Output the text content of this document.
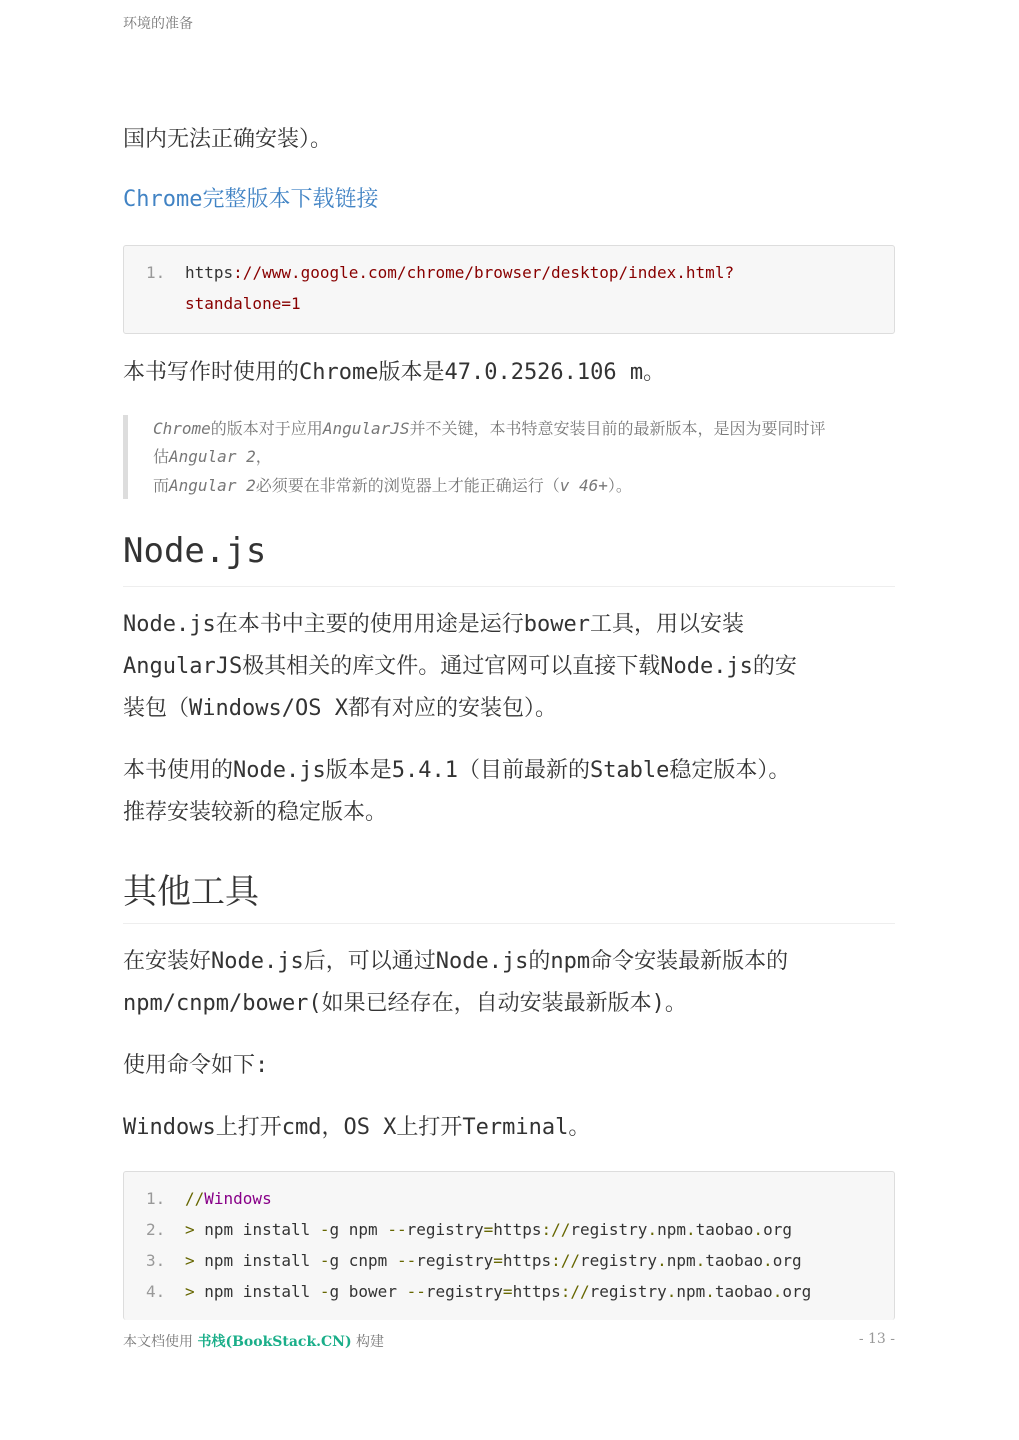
环境的准备
国内无法正确安装）。
Chrome完整版本下载链接
1. https://www.google.com/chrome/browser/desktop/index.html?
standalone=1
本书写作时使用的Chrome版本是47.0.2526.106 m。
Chrome的版本对于应用AngularJS并不关键，本书特意安装目前的最新版本，是因为要同时评
估Angular 2，
而Angular 2必须要在非常新的浏览器上才能正确运行（v 46+）。
Node.js
Node.js在本书中主要的使用用途是运行bower工具，用以安装
AngularJS极其相关的库文件。通过官网可以直接下载Node.js的安
装包（Windows/OS X都有对应的安装包）。
本书使用的Node.js版本是5.4.1（目前最新的Stable稳定版本）。
推荐安装较新的稳定版本。
其他工具
在安装好Node.js后，可以通过Node.js的npm命令安装最新版本的
npm/cnpm/bower(如果已经存在，自动安装最新版本)。
使用命令如下:
Windows上打开cmd，OS X上打开Terminal。
1. //Windows
2. > npm install -g npm --registry=https://registry.npm.taobao.org
3. > npm install -g cnpm --registry=https://registry.npm.taobao.org
4. > npm install -g bower --registry=https://registry.npm.taobao.org
本文档使用 书栈(BookStack.CN) 构建	- 13 -
